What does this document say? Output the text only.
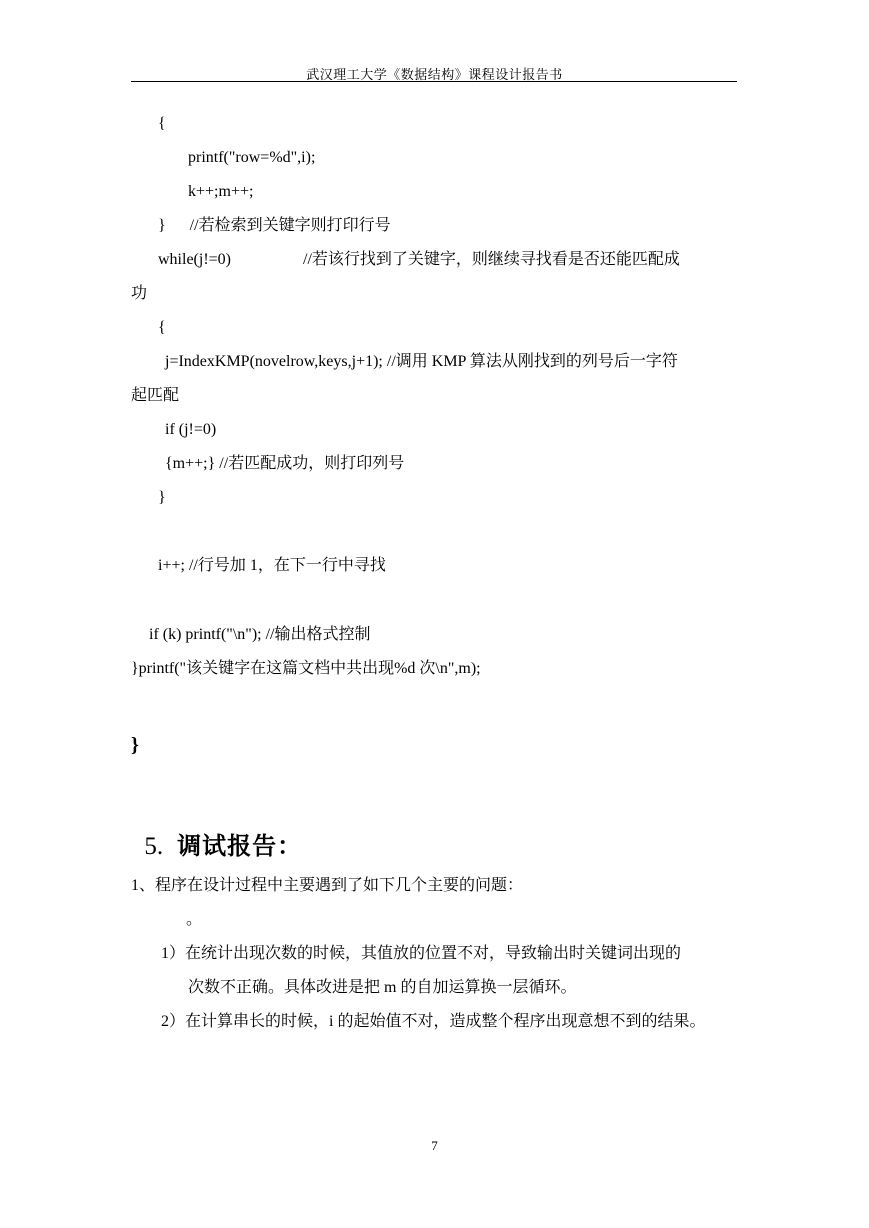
武汉理工大学《数据结构》课程设计报告书
{
printf("row=%d",i);
k++;m++;
}      //若检索到关键字则打印行号
while(j!=0)                  //若该行找到了关键字，则继续寻找看是否还能匹配成
功
{
j=IndexKMP(novelrow,keys,j+1); //调用 KMP 算法从刚找到的列号后一字符
起匹配
if (j!=0)
{m++;} //若匹配成功，则打印列号
}
i++; //行号加 1，在下一行中寻找
if (k) printf("\n"); //输出格式控制
}printf("该关键字在这篇文档中共出现%d 次\n",m);
}

5. 调试报告：

1、程序在设计过程中主要遇到了如下几个主要的问题：
。
1）在统计出现次数的时候，其值放的位置不对，导致输出时关键词出现的
次数不正确。具体改进是把 m 的自加运算换一层循环。
2）在计算串长的时候，i 的起始值不对，造成整个程序出现意想不到的结果。
7
